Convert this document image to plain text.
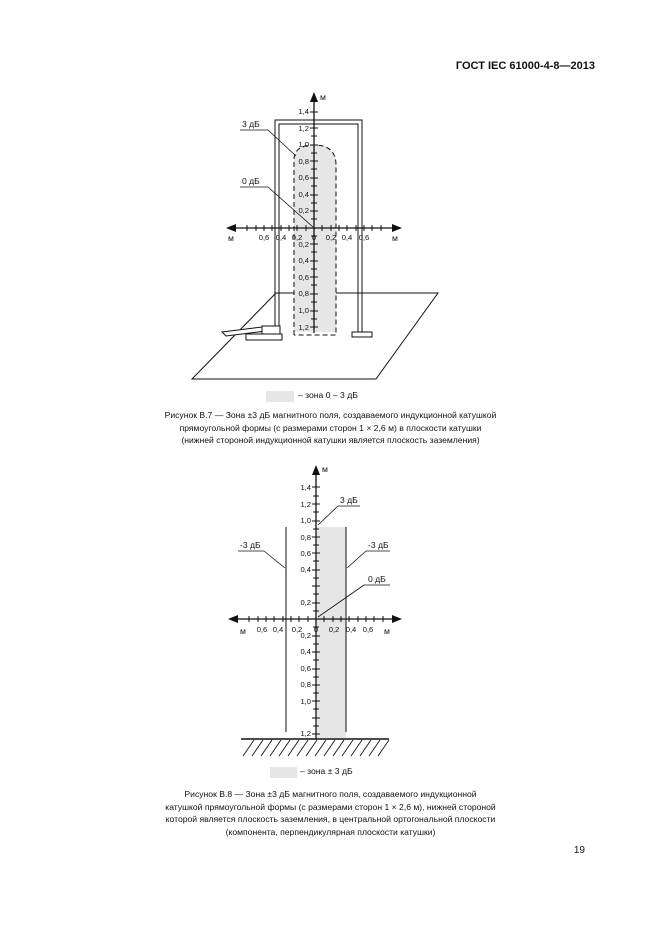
ГОСТ IEC 61000-4-8—2013
м
м	м
1,4
1,2
1,0
0,8
0,6
0,4
0,2
0,2
0,4
0,6
0,8
1,0
1,2
0,6 0,4 0,2 0 0,2 0,4 0,6
3 дБ
0 дБ
– зона 0 – 3 дБ
Рисунок В.7 — Зона ±3 дБ магнитного поля, создаваемого индукционной катушкой
прямоугольной формы (с размерами сторон 1 × 2,6 м) в плоскости катушки
(нижней стороной индукционной катушки является плоскость заземления)
м
м	м
1,4
1,2
1,0
0,8
0,6
0,4
0,2
0,2
0,4
0,6
0,8
1,0
1,2
0,6 0,4 0,2 0 0,2 0,4 0,6
3 дБ
-3 дБ	-3 дБ
0 дБ
– зона ± 3 дБ
Рисунок В.8 — Зона ±3 дБ магнитного поля, создаваемого индукционной
катушкой прямоугольной формы (с размерами сторон 1 × 2,6 м), нижней стороной
которой является плоскость заземления, в центральной ортогональной плоскости
(компонента, перпендикулярная плоскости катушки)
19
